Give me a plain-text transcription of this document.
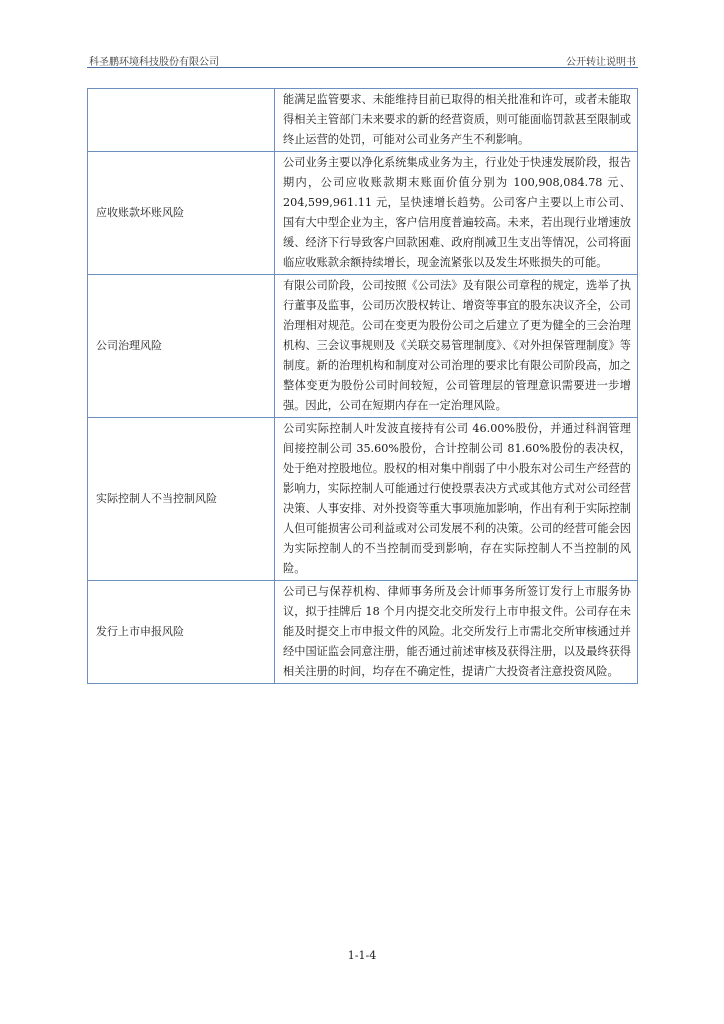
科圣鹏环境科技股份有限公司	公开转让说明书
	能满足监管要求、未能维持目前已取得的相关批准和许可，或者未能取得相关主管部门未来要求的新的经营资质，则可能面临罚款甚至限制或终止运营的处罚，可能对公司业务产生不利影响。
应收账款坏账风险	公司业务主要以净化系统集成业务为主，行业处于快速发展阶段，报告期内，公司应收账款期末账面价值分别为 100,908,084.78 元、204,599,961.11 元，呈快速增长趋势。公司客户主要以上市公司、国有大中型企业为主，客户信用度普遍较高。未来，若出现行业增速放缓、经济下行导致客户回款困难、政府削减卫生支出等情况，公司将面临应收账款余额持续增长，现金流紧张以及发生坏账损失的可能。
公司治理风险	有限公司阶段，公司按照《公司法》及有限公司章程的规定，选举了执行董事及监事，公司历次股权转让、增资等事宜的股东决议齐全，公司治理相对规范。公司在变更为股份公司之后建立了更为健全的三会治理机构、三会议事规则及《关联交易管理制度》、《对外担保管理制度》等制度。新的治理机构和制度对公司治理的要求比有限公司阶段高，加之整体变更为股份公司时间较短，公司管理层的管理意识需要进一步增强。因此，公司在短期内存在一定治理风险。
实际控制人不当控制风险	公司实际控制人叶发波直接持有公司 46.00%股份，并通过科润管理间接控制公司 35.60%股份，合计控制公司 81.60%股份的表决权，处于绝对控股地位。股权的相对集中削弱了中小股东对公司生产经营的影响力，实际控制人可能通过行使投票表决方式或其他方式对公司经营决策、人事安排、对外投资等重大事项施加影响，作出有利于实际控制人但可能损害公司利益或对公司发展不利的决策。公司的经营可能会因为实际控制人的不当控制而受到影响，存在实际控制人不当控制的风险。
发行上市申报风险	公司已与保荐机构、律师事务所及会计师事务所签订发行上市服务协议，拟于挂牌后 18 个月内提交北交所发行上市申报文件。公司存在未能及时提交上市申报文件的风险。北交所发行上市需北交所审核通过并经中国证监会同意注册，能否通过前述审核及获得注册，以及最终获得相关注册的时间，均存在不确定性，提请广大投资者注意投资风险。
1-1-4
